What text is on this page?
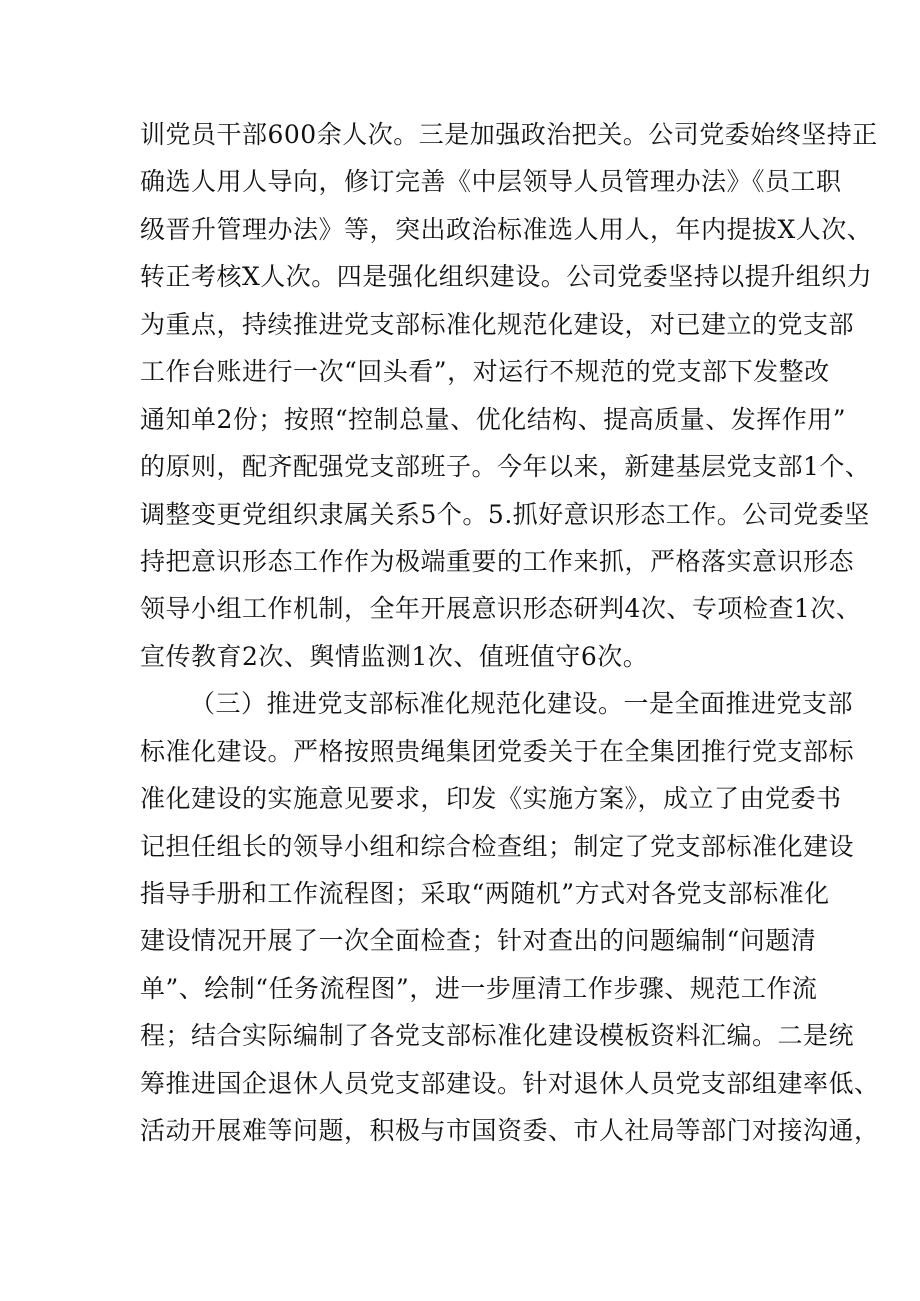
训党员干部600余人次。三是加强政治把关。公司党委始终坚持正
确选人用人导向，修订完善《中层领导人员管理办法》《员工职
级晋升管理办法》等，突出政治标准选人用人，年内提拔X人次、
转正考核X人次。四是强化组织建设。公司党委坚持以提升组织力
为重点，持续推进党支部标准化规范化建设，对已建立的党支部
工作台账进行一次“回头看”，对运行不规范的党支部下发整改
通知单2份；按照“控制总量、优化结构、提高质量、发挥作用”
的原则，配齐配强党支部班子。今年以来，新建基层党支部1个、
调整变更党组织隶属关系5个。5.抓好意识形态工作。公司党委坚
持把意识形态工作作为极端重要的工作来抓，严格落实意识形态
领导小组工作机制，全年开展意识形态研判4次、专项检查1次、
宣传教育2次、舆情监测1次、值班值守6次。
（三）推进党支部标准化规范化建设。一是全面推进党支部
标准化建设。严格按照贵绳集团党委关于在全集团推行党支部标
准化建设的实施意见要求，印发《实施方案》，成立了由党委书
记担任组长的领导小组和综合检查组；制定了党支部标准化建设
指导手册和工作流程图；采取“两随机”方式对各党支部标准化
建设情况开展了一次全面检查；针对查出的问题编制“问题清
单”、绘制“任务流程图”，进一步厘清工作步骤、规范工作流
程；结合实际编制了各党支部标准化建设模板资料汇编。二是统
筹推进国企退休人员党支部建设。针对退休人员党支部组建率低、
活动开展难等问题，积极与市国资委、市人社局等部门对接沟通，
